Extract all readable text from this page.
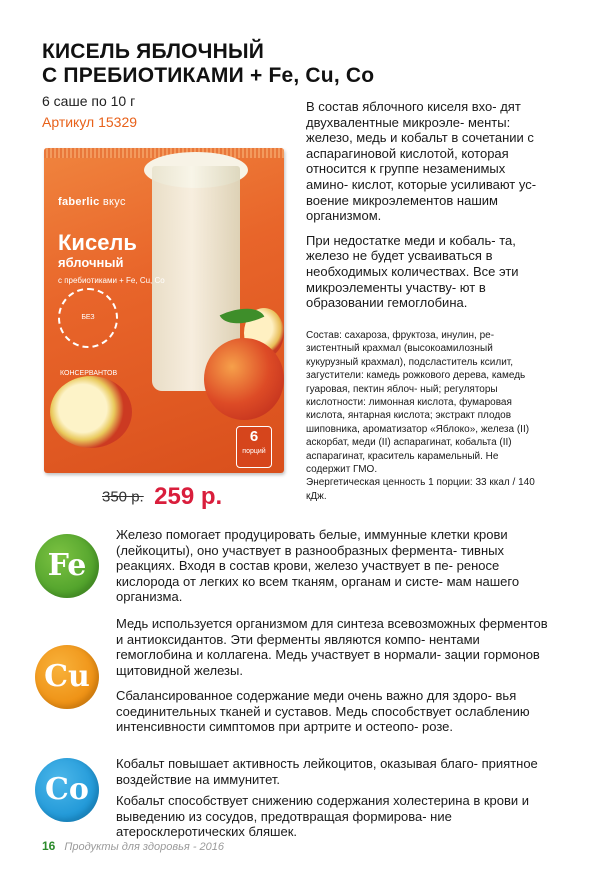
КИСЕЛЬ ЯБЛОЧНЫЙ
С ПРЕБИОТИКАМИ + Fe, Cu, Co
6 саше по 10 г
Артикул 15329
faberlic вкус
Кисель
яблочный
с пребиотиками + Fe, Cu, Co
БЕЗ КОНСЕРВАНТОВ
6
порций
350 р. 259 р.

В состав яблочного киселя вхо- дят двухвалентные микроэле- менты: железо, медь и кобальт в сочетании с аспарагиновой кислотой, которая относится к группе незаменимых амино- кислот, которые усиливают ус- воение микроэлементов нашим организмом.

При недостатке меди и кобаль- та, железо не будет усваиваться в необходимых количествах. Все эти микроэлементы участву- ют в образовании гемоглобина.

Состав: сахароза, фруктоза, инулин, ре- зистентный крахмал (высокоамилозный кукурузный крахмал), подсластитель ксилит, загустители: камедь рожкового дерева, камедь гуаровая, пектин яблоч- ный; регуляторы кислотности: лимонная кислота, фумаровая кислота, янтарная кислота; экстракт плодов шиповника, ароматизатор «Яблоко», железа (II) аскорбат, меди (II) аспарагинат, кобальта (II) аспарагинат, краситель карамельный. Не содержит ГМО.

Энергетическая ценность 1 порции: 33 ккал / 140 кДж.

Fe

Железо помогает продуцировать белые, иммунные клетки крови (лейкоциты), оно участвует в разнообразных фермента- тивных реакциях. Входя в состав крови, железо участвует в пе- реносе кислорода от легких ко всем тканям, органам и систе- мам нашего организма.

Cu

Медь используется организмом для синтеза всевозможных ферментов и антиоксидантов. Эти ферменты являются компо- нентами гемоглобина и коллагена. Медь участвует в нормали- зации гормонов щитовидной железы.

Сбалансированное содержание меди очень важно для здоро- вья соединительных тканей и суставов. Медь способствует ослаблению интенсивности симптомов при артрите и остеопо- розе.

Co

Кобальт повышает активность лейкоцитов, оказывая благо- приятное воздействие на иммунитет.

Кобальт способствует снижению содержания холестерина в крови и выведению из сосудов, предотвращая формирова- ние атеросклеротических бляшек.

16 Продукты для здоровья - 2016
